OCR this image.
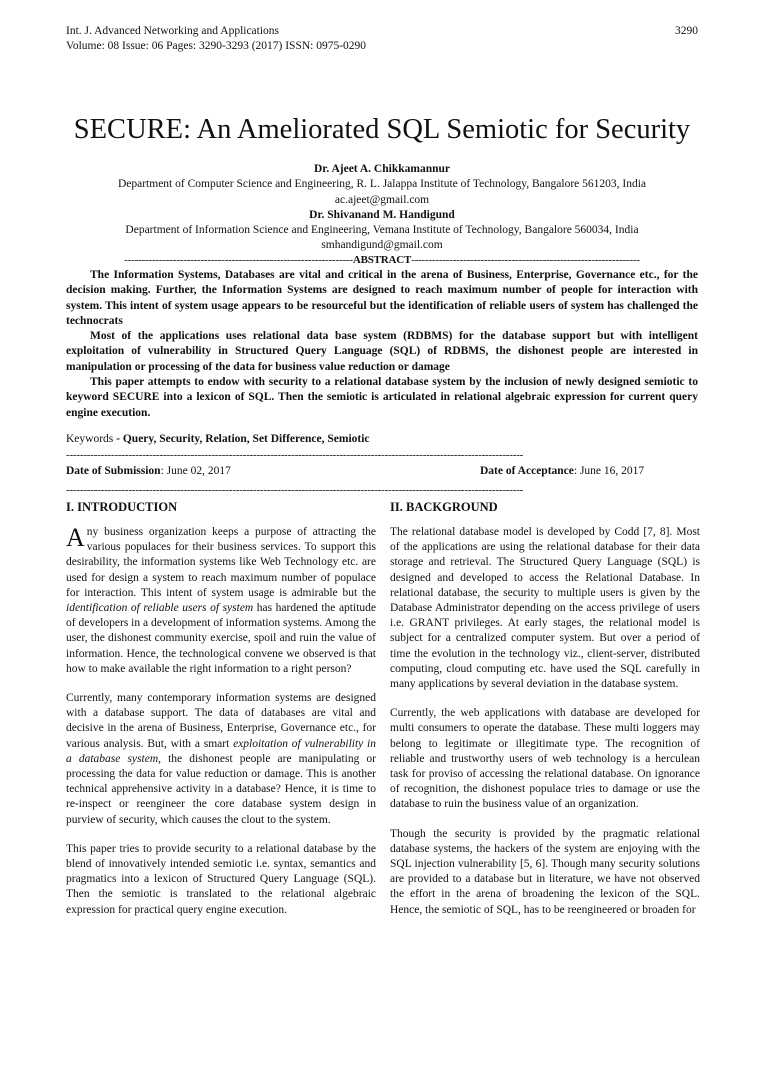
Int. J. Advanced Networking and Applications
Volume: 08 Issue: 06 Pages: 3290-3293 (2017) ISSN: 0975-0290
3290
SECURE: An Ameliorated SQL Semiotic for Security
Dr. Ajeet A. Chikkamannur
Department of Computer Science and Engineering, R. L. Jalappa Institute of Technology, Bangalore 561203, India
ac.ajeet@gmail.com
Dr. Shivanand M. Handigund
Department of Information Science and Engineering, Vemana Institute of Technology, Bangalore 560034, India
smhandigund@gmail.com
------------------------------------------------------------------ABSTRACT------------------------------------------------------------------

The Information Systems, Databases are vital and critical in the arena of Business, Enterprise, Governance etc., for the decision making. Further, the Information Systems are designed to reach maximum number of people for interaction with system. This intent of system usage appears to be resourceful but the identification of reliable users of system has challenged the technocrats

Most of the applications uses relational data base system (RDBMS) for the database support but with intelligent exploitation of vulnerability in Structured Query Language (SQL) of RDBMS, the dishonest people are interested in manipulation or processing of the data for business value reduction or damage

This paper attempts to endow with security to a relational database system by the inclusion of newly designed semiotic to keyword SECURE into a lexicon of SQL. Then the semiotic is articulated in relational algebraic expression for current query engine execution.

Keywords - Query, Security, Relation, Set Difference, Semiotic
------------------------------------------------------------------------------------------------------------------------------------
Date of Submission: June 02, 2017	Date of Acceptance: June 16, 2017
------------------------------------------------------------------------------------------------------------------------------------
I. INTRODUCTION

Any business organization keeps a purpose of attracting the various populaces for their business services. To support this desirability, the information systems like Web Technology etc. are used for design a system to reach maximum number of populace for interaction. This intent of system usage is admirable but the identification of reliable users of system has hardened the aptitude of developers in a development of information systems. Among the user, the dishonest community exercise, spoil and ruin the value of information. Hence, the technological convene we observed is that how to make available the right information to a right person?

Currently, many contemporary information systems are designed with a database support. The data of databases are vital and decisive in the arena of Business, Enterprise, Governance etc., for various analysis. But, with a smart exploitation of vulnerability in a database system, the dishonest people are manipulating or processing the data for value reduction or damage. This is another technical apprehensive activity in a database? Hence, it is time to re-inspect or reengineer the core database system design in purview of security, which causes the clout to the system.

This paper tries to provide security to a relational database by the blend of innovatively intended semiotic i.e. syntax, semantics and pragmatics into a lexicon of Structured Query Language (SQL). Then the semiotic is translated to the relational algebraic expression for practical query engine execution.

II. BACKGROUND

The relational database model is developed by Codd [7, 8]. Most of the applications are using the relational database for their data storage and retrieval. The Structured Query Language (SQL) is designed and developed to access the Relational Database. In relational database, the security to multiple users is given by the Database Administrator depending on the access privilege of users i.e. GRANT privileges. At early stages, the relational model is subject for a centralized computer system. But over a period of time the evolution in the technology viz., client-server, distributed computing, cloud computing etc. have used the SQL carefully in many applications by several deviation in the database system.

Currently, the web applications with database are developed for multi consumers to operate the database. These multi loggers may belong to legitimate or illegitimate type. The recognition of reliable and trustworthy users of web technology is a herculean task for proviso of accessing the relational database. On ignorance of recognition, the dishonest populace tries to damage or use the database to ruin the business value of an organization.

Though the security is provided by the pragmatic relational database systems, the hackers of the system are enjoying with the SQL injection vulnerability [5, 6]. Though many security solutions are provided to a database but in literature, we have not observed the effort in the arena of broadening the lexicon of the SQL. Hence, the semiotic of SQL, has to be reengineered or broaden for
